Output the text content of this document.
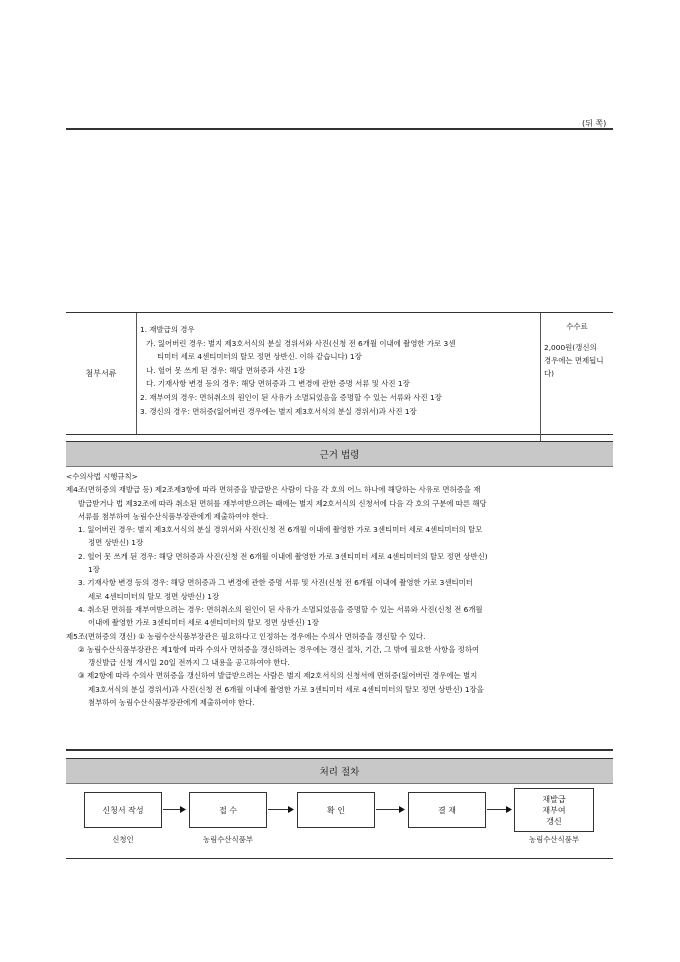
(뒤 쪽)
첨부서류
1. 재발급의 경우
가. 잃어버린 경우: 별지 제3호서식의 분실 경위서와 사진(신청 전 6개월 이내에 촬영한 가로 3센
티미터 세로 4센티미터의 탈모 정면 상반신. 이하 같습니다) 1장
나. 헐어 못 쓰게 된 경우: 해당 면허증과 사진 1장
다. 기재사항 변경 등의 경우: 해당 면허증과 그 변경에 관한 증명 서류 및 사진 1장
2. 재부여의 경우: 면허취소의 원인이 된 사유가 소멸되었음을 증명할 수 있는 서류와 사진 1장
3. 갱신의 경우: 면허증(잃어버린 경우에는 별지 제3호서식의 분실 경위서)과 사진 1장
수수료
2,000원(갱신의
경우에는 면제됩니
다)
근거 법령
<수의사법 시행규칙>
제4조(면허증의 재발급 등) 제2조제3항에 따라 면허증을 발급받은 사람이 다음 각 호의 어느 하나에 해당하는 사유로 면허증을 재
발급받거나 법 제32조에 따라 취소된 면허를 재부여받으려는 때에는 별지 제2호서식의 신청서에 다음 각 호의 구분에 따른 해당
서류를 첨부하여 농림수산식품부장관에게 제출하여야 한다.
1. 잃어버린 경우: 별지 제3호서식의 분실 경위서와 사진(신청 전 6개월 이내에 촬영한 가로 3센티미터 세로 4센티미터의 탈모
정면 상반신) 1장
2. 헐어 못 쓰게 된 경우: 해당 면허증과 사진(신청 전 6개월 이내에 촬영한 가로 3센티미터 세로 4센티미터의 탈모 정면 상반신)
1장
3. 기재사항 변경 등의 경우: 해당 면허증과 그 변경에 관한 증명 서류 및 사진(신청 전 6개월 이내에 촬영한 가로 3센티미터
세로 4센티미터의 탈모 정면 상반신) 1장
4. 취소된 면허를 재부여받으려는 경우: 면허취소의 원인이 된 사유가 소멸되었음을 증명할 수 있는 서류와 사진(신청 전 6개월
이내에 촬영한 가로 3센티미터 세로 4센티미터의 탈모 정면 상반신) 1장
제5조(면허증의 갱신) ① 농림수산식품부장관은 필요하다고 인정하는 경우에는 수의사 면허증을 갱신할 수 있다.
② 농림수산식품부장관은 제1항에 따라 수의사 면허증을 갱신하려는 경우에는 갱신 절차, 기간, 그 밖에 필요한 사항을 정하여
갱신발급 신청 개시일 20일 전까지 그 내용을 공고하여야 한다.
③ 제2항에 따라 수의사 면허증을 갱신하여 발급받으려는 사람은 별지 제2호서식의 신청서에 면허증(잃어버린 경우에는 별지
제3호서식의 분실 경위서)과 사진(신청 전 6개월 이내에 촬영한 가로 3센티미터 세로 4센티미터의 탈모 정면 상반신) 1장을
첨부하여 농림수산식품부장관에게 제출하여야 한다.
처리 절차
신청서 작성	접 수	확 인	결 재
재발급
재부여
갱신
신청인	농림수산식품부	농림수산식품부
